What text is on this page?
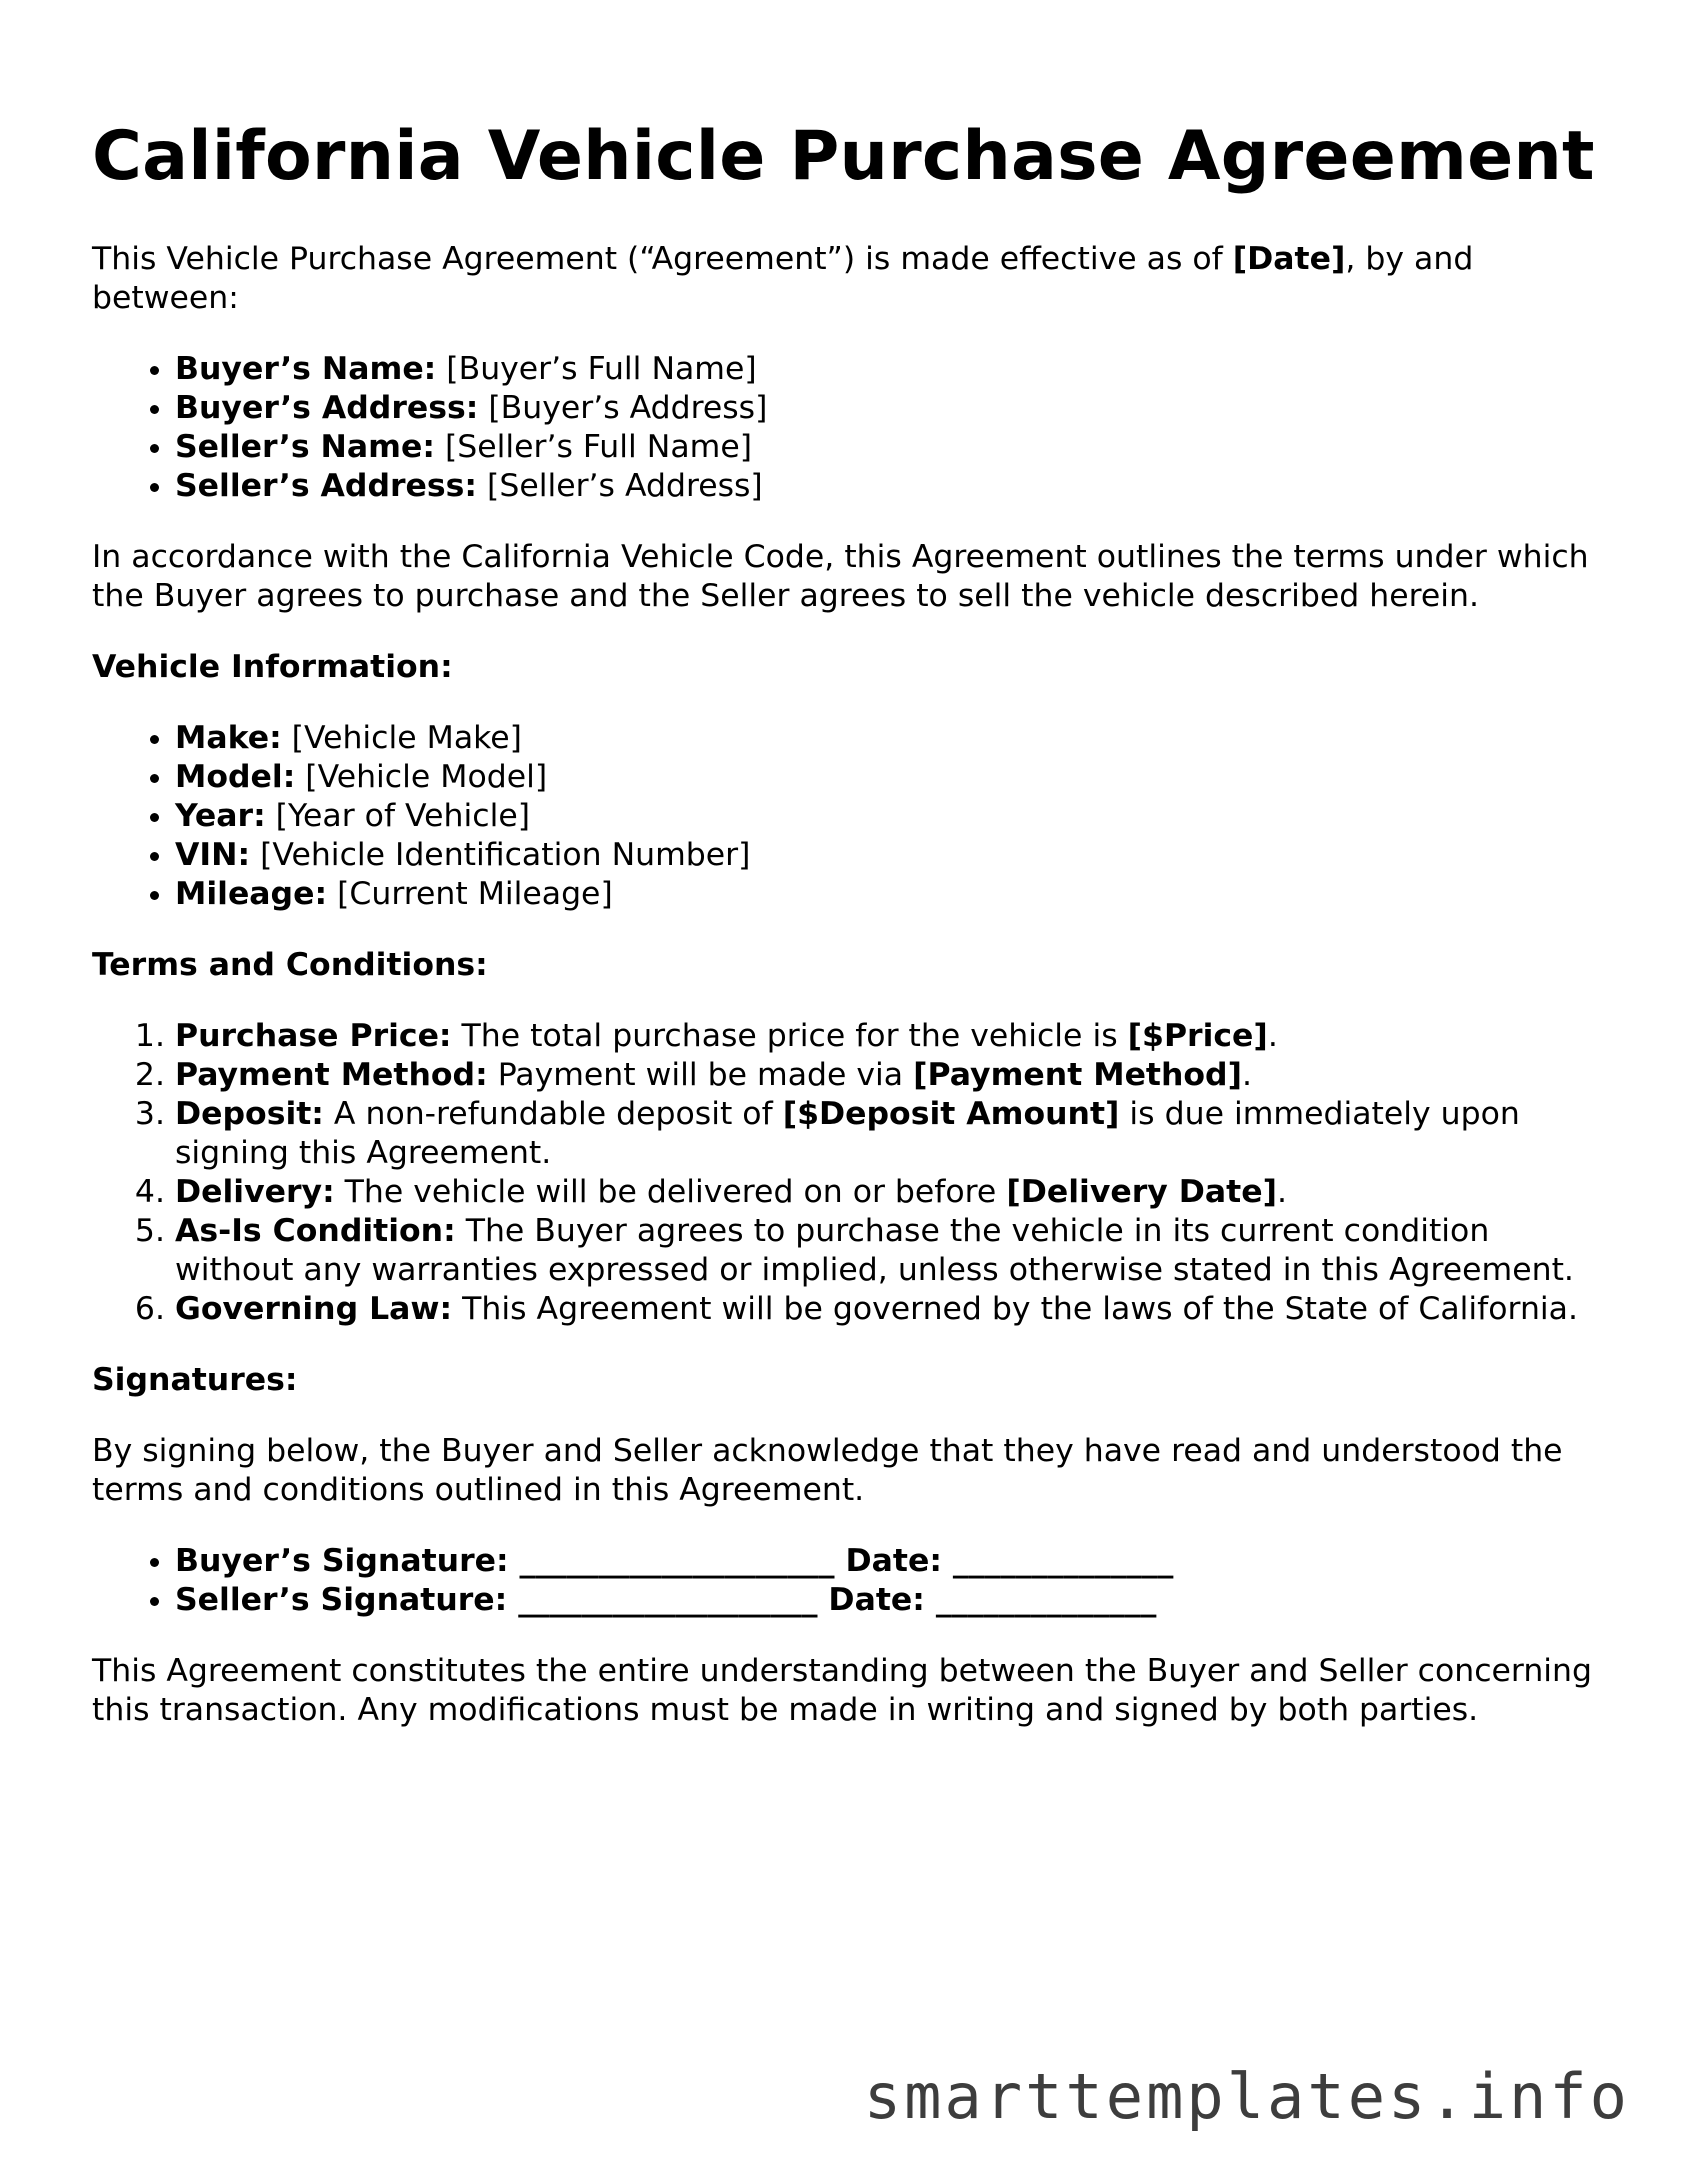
California Vehicle Purchase Agreement

This Vehicle Purchase Agreement (“Agreement”) is made effective as of [Date], by and between:

• Buyer’s Name: [Buyer’s Full Name]
• Buyer’s Address: [Buyer’s Address]
• Seller’s Name: [Seller’s Full Name]
• Seller’s Address: [Seller’s Address]

In accordance with the California Vehicle Code, this Agreement outlines the terms under which the Buyer agrees to purchase and the Seller agrees to sell the vehicle described herein.

Vehicle Information:

• Make: [Vehicle Make]
• Model: [Vehicle Model]
• Year: [Year of Vehicle]
• VIN: [Vehicle Identification Number]
• Mileage: [Current Mileage]

Terms and Conditions:

1. Purchase Price: The total purchase price for the vehicle is [$Price].
2. Payment Method: Payment will be made via [Payment Method].
3. Deposit: A non-refundable deposit of [$Deposit Amount] is due immediately upon signing this Agreement.
4. Delivery: The vehicle will be delivered on or before [Delivery Date].
5. As-Is Condition: The Buyer agrees to purchase the vehicle in its current condition without any warranties expressed or implied, unless otherwise stated in this Agreement.
6. Governing Law: This Agreement will be governed by the laws of the State of California.

Signatures:

By signing below, the Buyer and Seller acknowledge that they have read and understood the terms and conditions outlined in this Agreement.

• Buyer’s Signature: ____________________ Date: ______________
• Seller’s Signature: ___________________ Date: ______________

This Agreement constitutes the entire understanding between the Buyer and Seller concerning this transaction. Any modifications must be made in writing and signed by both parties.

smarttemplates.info
